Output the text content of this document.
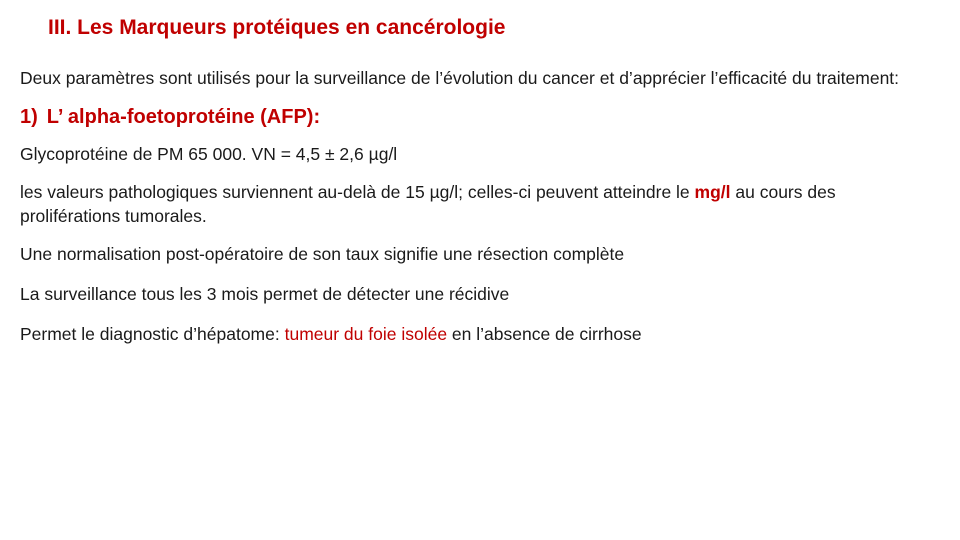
III. Les Marqueurs protéiques en cancérologie

Deux paramètres sont utilisés pour la surveillance de l’évolution du cancer et d’apprécier l’efficacité du traitement:

1) L’ alpha-foetoprotéine (AFP):

Glycoprotéine de PM 65 000. VN = 4,5 ± 2,6 µg/l

les valeurs pathologiques surviennent au-delà de 15 µg/l; celles-ci peuvent atteindre le mg/l au cours des proliférations tumorales.

Une normalisation post-opératoire de son taux signifie une résection complète

La surveillance tous les 3 mois permet de détecter une récidive

Permet le diagnostic d’hépatome: tumeur du foie isolée en l’absence de cirrhose
